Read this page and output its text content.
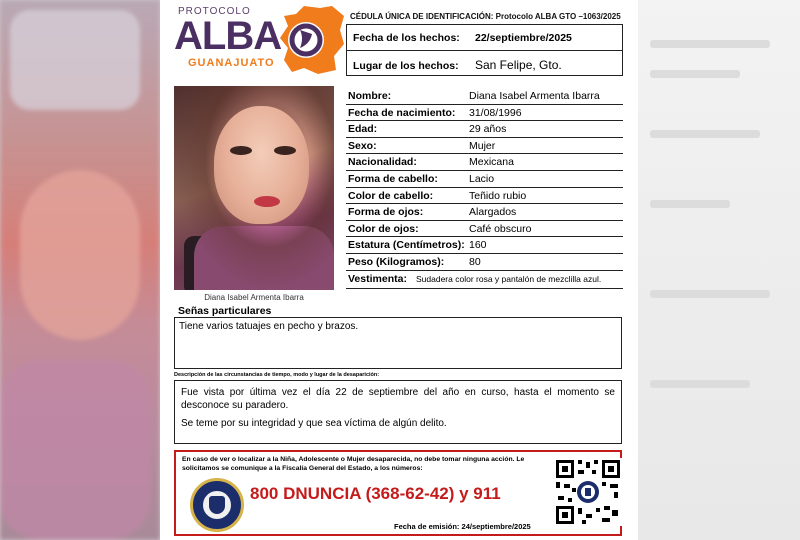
PROTOCOLO
ALBA
GUANAJUATO
CÉDULA ÚNICA DE IDENTIFICACIÓN: Protocolo ALBA GTO –1063/2025
Fecha de los hechos: 22/septiembre/2025
Lugar de los hechos: San Felipe, Gto.
Diana Isabel Armenta Ibarra
Nombre:	Diana Isabel Armenta Ibarra
Fecha de nacimiento: 31/08/1996
Edad:	29 años
Sexo:	Mujer
Nacionalidad:	Mexicana
Forma de cabello:	Lacio
Color de cabello:	Teñido rubio
Forma de ojos:	Alargados
Color de ojos:	Café obscuro
Estatura (Centímetros): 160
Peso (Kilogramos): 80
Vestimenta: Sudadera color rosa y pantalón de mezclilla azul.
Señas particulares
Tiene varios tatuajes en pecho y brazos.
Descripción de las circunstancias de tiempo, modo y lugar de la desaparición:

Fue vista por última vez el día 22 de septiembre del año en curso, hasta el momento se desconoce su paradero.

Se teme por su integridad y que sea víctima de algún delito.

En caso de ver o localizar a la Niña, Adolescente o Mujer desaparecida, no debe tomar ninguna acción. Le solicitamos se comunique a la Fiscalía General del Estado, a los números:
800 DNUNCIA (368-62-42) y 911
Fecha de emisión: 24/septiembre/2025
